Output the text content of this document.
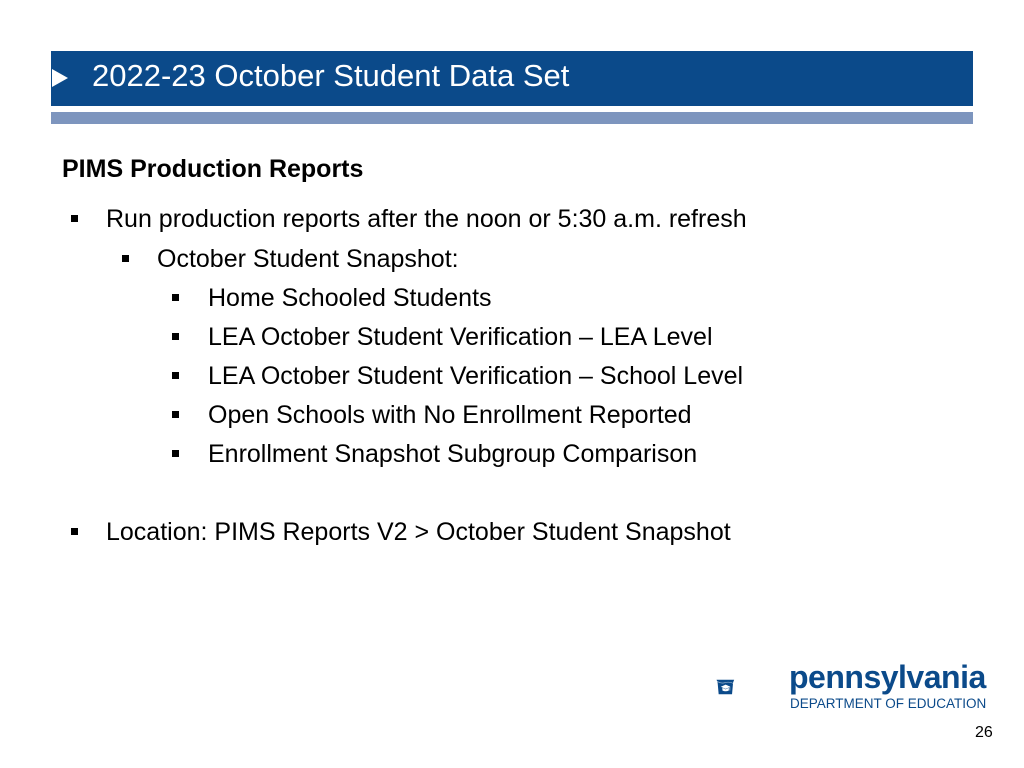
2022-23 October Student Data Set
PIMS Production Reports
Run production reports after the noon or 5:30 a.m. refresh
October Student Snapshot:
Home Schooled Students
LEA October Student Verification – LEA Level
LEA October Student Verification – School Level
Open Schools with No Enrollment Reported
Enrollment Snapshot Subgroup Comparison
Location: PIMS Reports V2 > October Student Snapshot
pennsylvania
DEPARTMENT OF EDUCATION
26
